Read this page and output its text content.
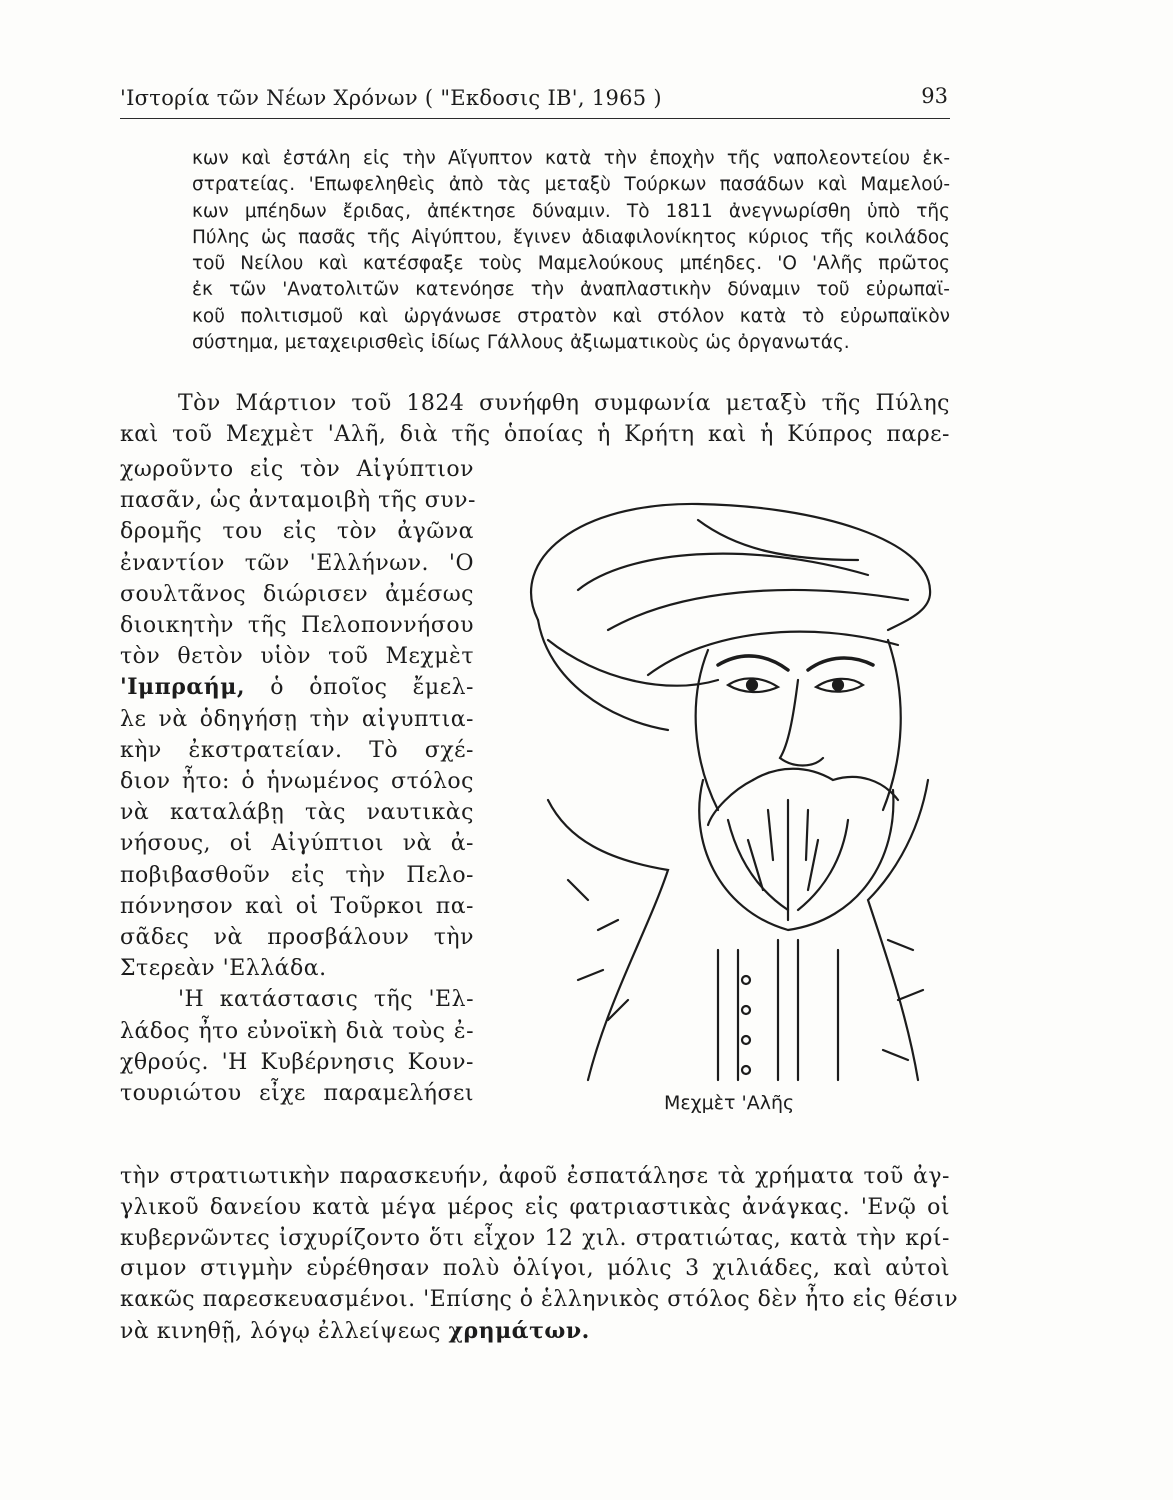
'Ιστορία τῶν Νέων Χρόνων ( "Εκδοσις ΙΒ', 1965 )	93
κων καὶ ἐστάλη εἰς τὴν Αἴγυπτον κατὰ τὴν ἐποχὴν τῆς ναπολεοντείου ἐκ-
στρατείας. 'Επωφεληθεὶς ἀπὸ τὰς μεταξὺ Τούρκων πασάδων καὶ Μαμελού-
κων μπέηδων ἔριδας, ἀπέκτησε δύναμιν. Τὸ 1811 ἀνεγνωρίσθη ὑπὸ τῆς
Πύλης ὡς πασᾶς τῆς Αἰγύπτου, ἔγινεν ἀδιαφιλονίκητος κύριος τῆς κοιλάδος
τοῦ Νείλου καὶ κατέσφαξε τοὺς Μαμελούκους μπέηδες. 'Ο 'Αλῆς πρῶτος
ἐκ τῶν 'Ανατολιτῶν κατενόησε τὴν ἀναπλαστικὴν δύναμιν τοῦ εὐρωπαϊ-
κοῦ πολιτισμοῦ καὶ ὠργάνωσε στρατὸν καὶ στόλον κατὰ τὸ εὐρωπαϊκὸν
σύστημα, μεταχειρισθεὶς ἰδίως Γάλλους ἀξιωματικοὺς ὡς ὀργανωτάς.
Τὸν Μάρτιον τοῦ 1824 συνήφθη συμφωνία μεταξὺ τῆς Πύλης
καὶ τοῦ Μεχμὲτ 'Αλῆ, διὰ τῆς ὁποίας ἡ Κρήτη καὶ ἡ Κύπρος παρε-
χωροῦντο εἰς τὸν Αἰγύπτιον
πασᾶν, ὡς ἀνταμοιβὴ τῆς συν-
δρομῆς του εἰς τὸν ἀγῶνα
ἐναντίον τῶν 'Ελλήνων. 'Ο
σουλτᾶνος διώρισεν ἀμέσως
διοικητὴν τῆς Πελοποννήσου
τὸν θετὸν υἱὸν τοῦ Μεχμὲτ
'Ιμπραήμ, ὁ ὁποῖος ἔμελ-
λε νὰ ὁδηγήσῃ τὴν αἰγυπτια-
κὴν ἐκστρατείαν. Τὸ σχέ-
διον ἦτο: ὁ ἡνωμένος στόλος
νὰ καταλάβῃ τὰς ναυτικὰς
νήσους, οἱ Αἰγύπτιοι νὰ ἀ-
ποβιβασθοῦν εἰς τὴν Πελο-
πόννησον καὶ οἱ Τοῦρκοι πα-
σᾶδες νὰ προσβάλουν τὴν
Στερεὰν 'Ελλάδα.
'Η κατάστασις τῆς 'Ελ-
λάδος ἦτο εὐνοϊκὴ διὰ τοὺς ἐ-
χθρούς. 'Η Κυβέρνησις Κουν-
τουριώτου εἶχε παραμελήσει	Μεχμὲτ 'Αλῆς
τὴν στρατιωτικὴν παρασκευήν, ἀφοῦ ἐσπατάλησε τὰ χρήματα τοῦ ἀγ-
γλικοῦ δανείου κατὰ μέγα μέρος εἰς φατριαστικὰς ἀνάγκας. 'Ενῷ οἱ
κυβερνῶντες ἰσχυρίζοντο ὅτι εἶχον 12 χιλ. στρατιώτας, κατὰ τὴν κρί-
σιμον στιγμὴν εὑρέθησαν πολὺ ὀλίγοι, μόλις 3 χιλιάδες, καὶ αὐτοὶ
κακῶς παρεσκευασμένοι. 'Επίσης ὁ ἑλληνικὸς στόλος δὲν ἦτο εἰς θέσιν
νὰ κινηθῇ, λόγῳ ἐλλείψεως χρημάτων.
